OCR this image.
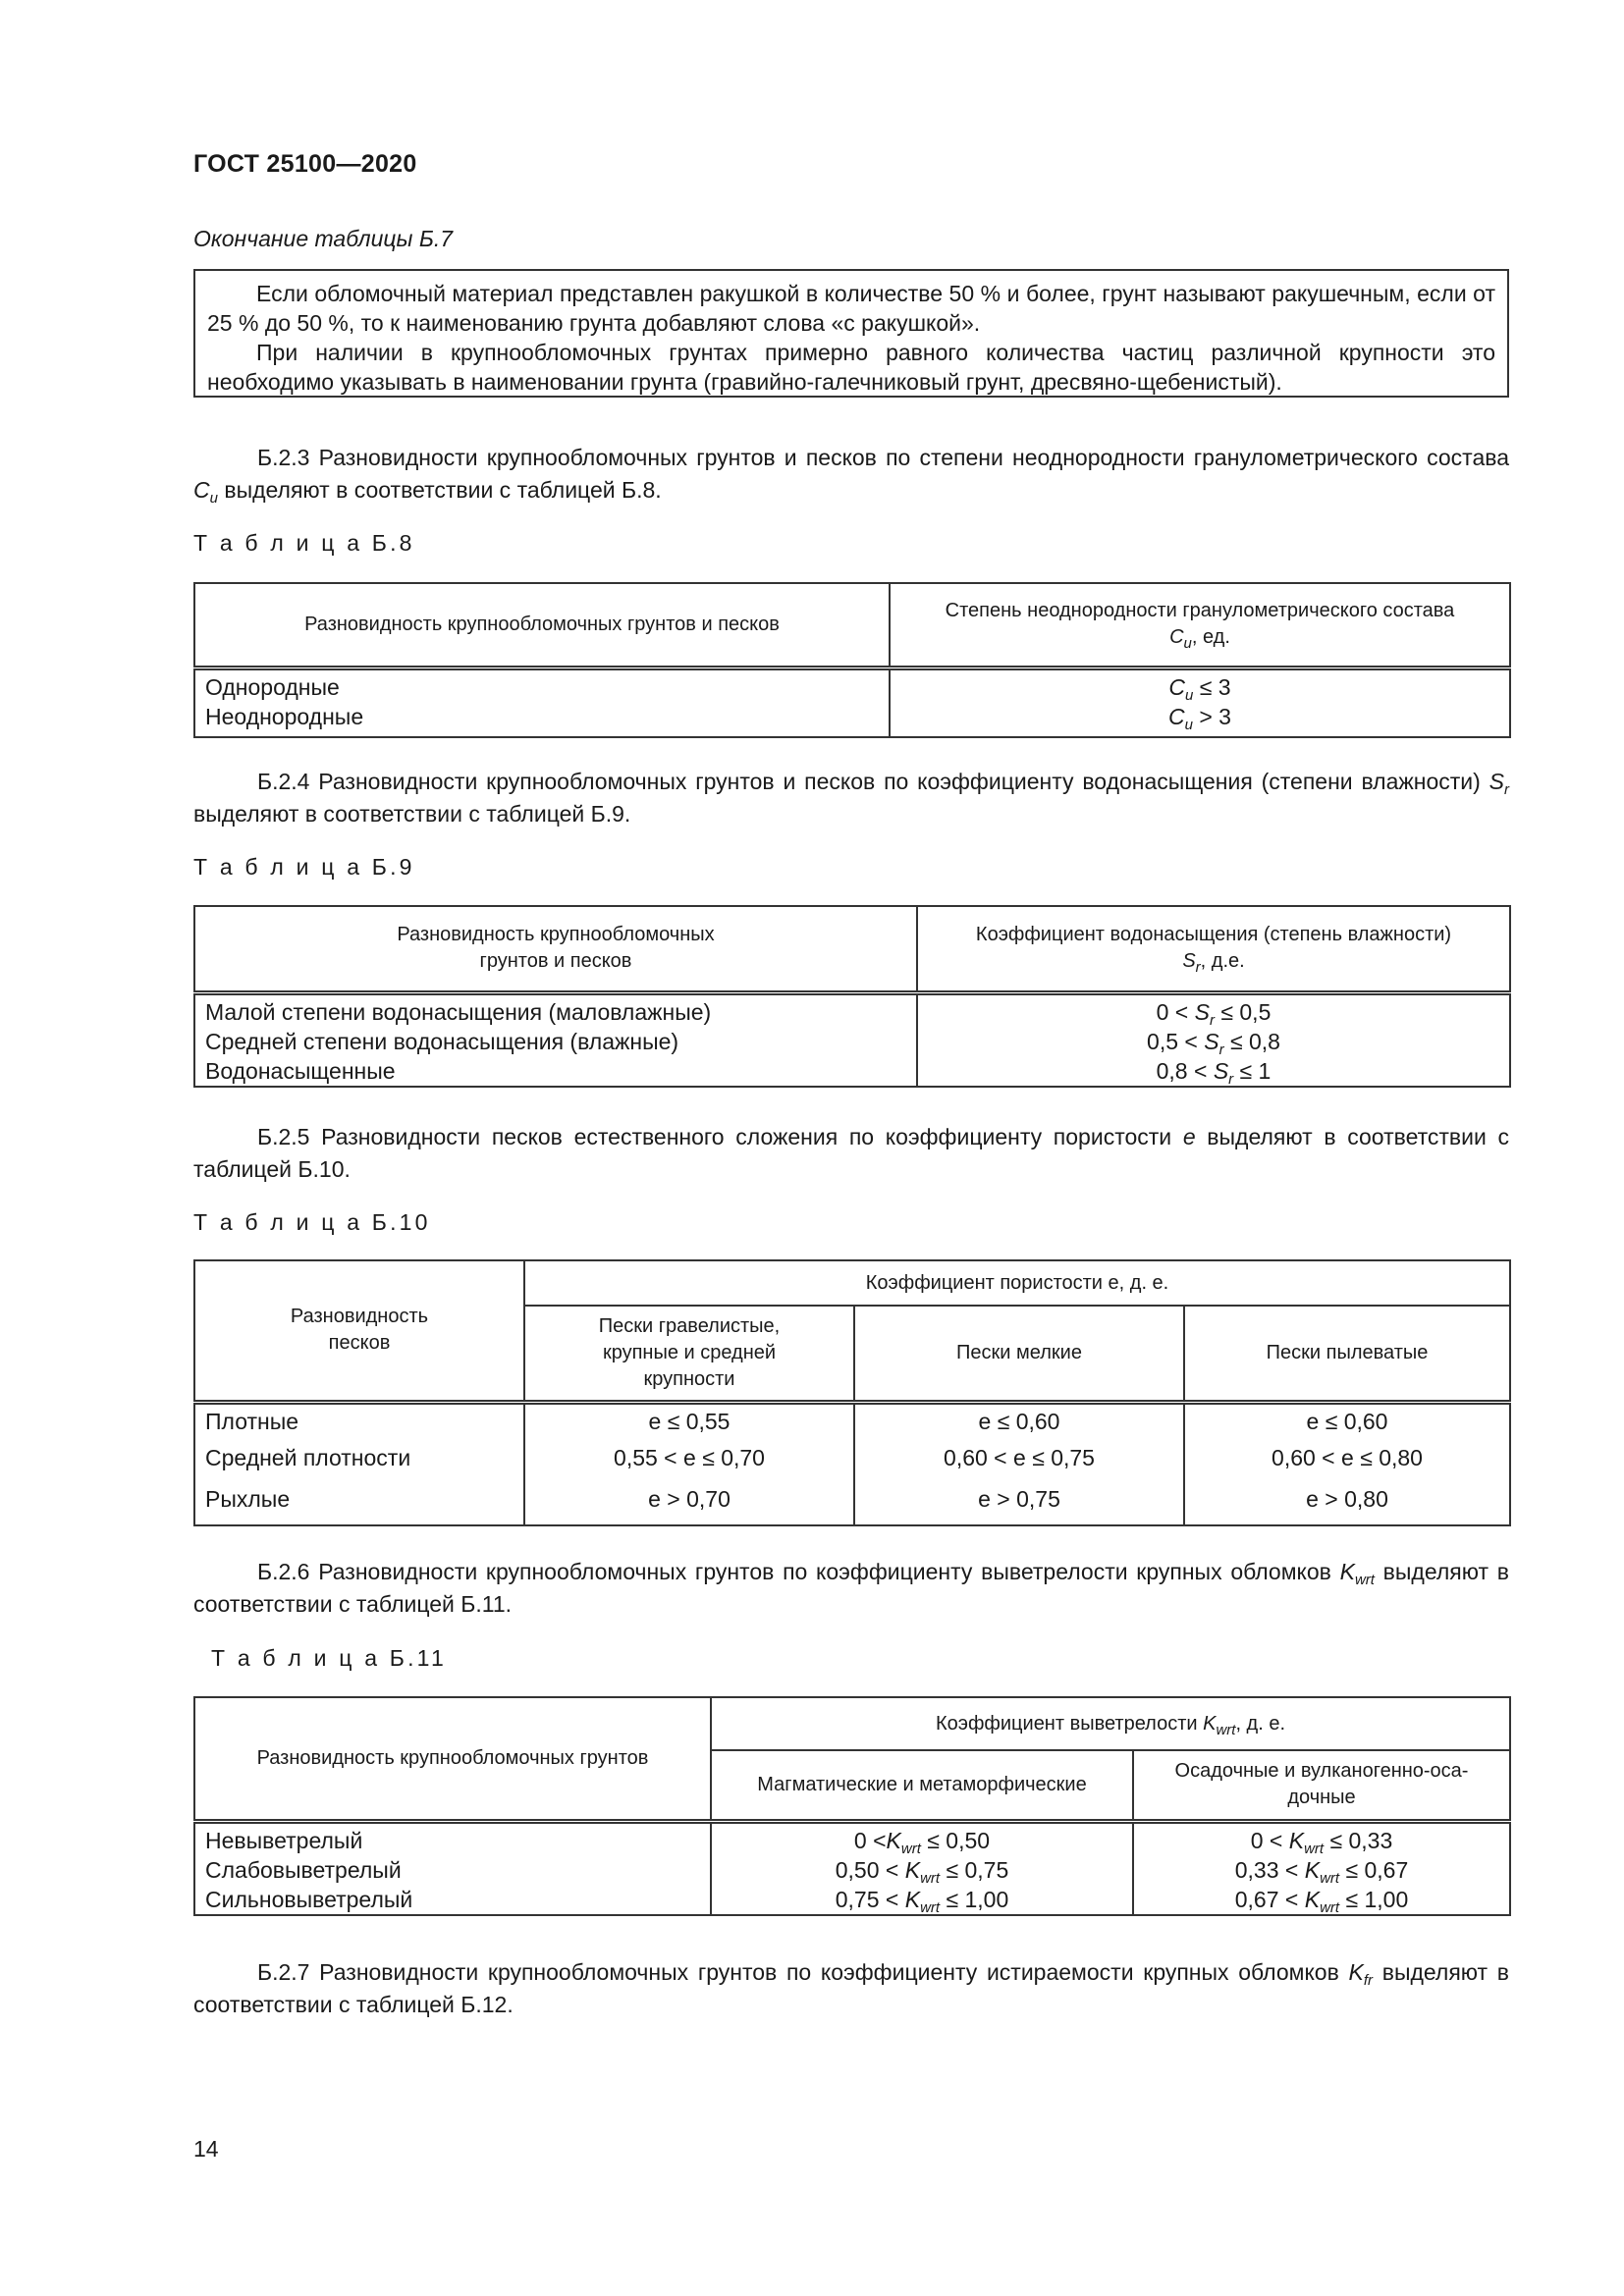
ГОСТ 25100—2020
Окончание таблицы Б.7

Если обломочный материал представлен ракушкой в количестве 50 % и более, грунт называют ракушечным, если от 25 % до 50 %, то к наименованию грунта добавляют слова «с ракушкой».

При наличии в крупнообломочных грунтах примерно равного количества частиц различной крупности это необходимо указывать в наименовании грунта (гравийно-галечниковый грунт, дресвяно-щебенистый).

Б.2.3 Разновидности крупнообломочных грунтов и песков по степени неоднородности гранулометрического состава $C_u$ выделяют в соответствии с таблицей Б.8.
Т а б л и ц а Б.8
Разновидность крупнообломочных грунтов и песков	Степень неоднородности гранулометрического состава
$C_u$, ед.
Однородные	$C_u \le 3$
Неоднородные	$C_u > 3$
Б.2.4 Разновидности крупнообломочных грунтов и песков по коэффициенту водонасыщения (степени влажности) $S_r$ выделяют в соответствии с таблицей Б.9.
Т а б л и ц а Б.9
Разновидность крупнообломочных
грунтов и песков	Коэффициент водонасыщения (степень влажности)
$S_r$, д.е.
Малой степени водонасыщения (маловлажные)	$0 < S_r \le 0,5$
Средней степени водонасыщения (влажные)	$0,5 < S_r \le 0,8$
Водонасыщенные	$0,8 < S_r \le 1$
Б.2.5 Разновидности песков естественного сложения по коэффициенту пористости e выделяют в соответствии с таблицей Б.10.
Т а б л и ц а Б.10
Разновидность
песков	Коэффициент пористости е, д. е.		
	Пески гравелистые,
крупные и средней
крупности	Пески мелкие	Пески пылеватые
Плотные	e ≤ 0,55	e ≤ 0,60	e ≤ 0,60
Средней плотности	0,55 < e ≤ 0,70	0,60 < e ≤ 0,75	0,60 < e ≤ 0,80
Рыхлые	e > 0,70	e > 0,75	e > 0,80
Б.2.6 Разновидности крупнообломочных грунтов по коэффициенту выветрелости крупных обломков $K_{wrt}$ выделяют в соответствии с таблицей Б.11.
Т а б л и ц а Б.11
Разновидность крупнообломочных грунтов	Коэффициент выветрелости $K_{wrt}$, д. е.	
	Магматические и метаморфические	Осадочные и вулканогенно-оса-
дочные
Невыветрелый	$0 <K_{wrt} \le 0,50$	$0 < K_{wrt} \le 0,33$
Слабовыветрелый	$0,50 < K_{wrt} \le 0,75$	$0,33 < K_{wrt} \le 0,67$
Сильновыветрелый	$0,75 < K_{wrt} \le 1,00$	$0,67 < K_{wrt} \le 1,00$
Б.2.7 Разновидности крупнообломочных грунтов по коэффициенту истираемости крупных обломков $K_{fr}$ выделяют в соответствии с таблицей Б.12.
14
